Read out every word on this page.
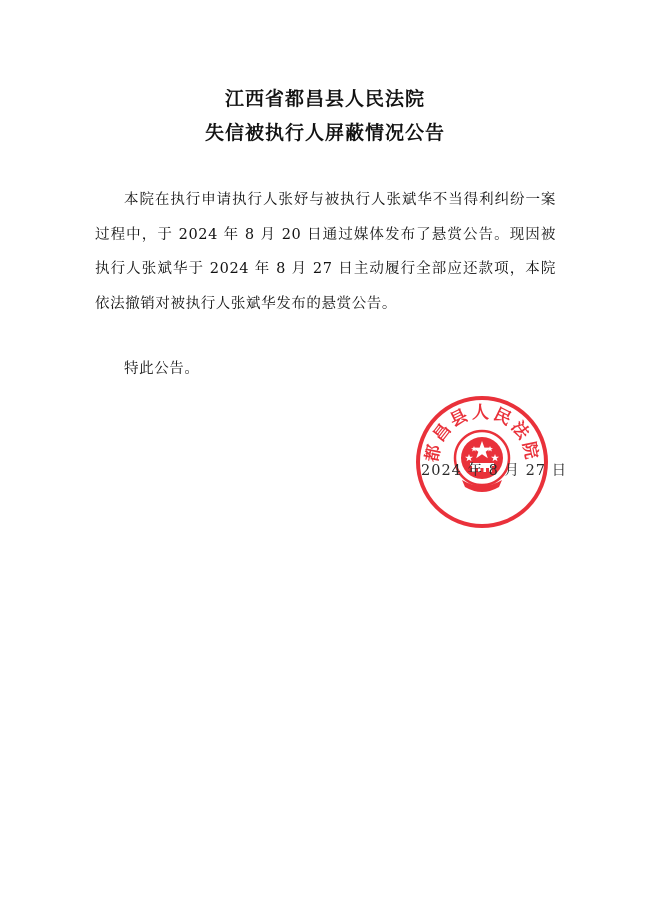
江西省都昌县人民法院
失信被执行人屏蔽情况公告

本院在执行申请执行人张妤与被执行人张斌华不当得利纠纷一案过程中，于 2024 年 8 月 20 日通过媒体发布了悬赏公告。现因被执行人张斌华于 2024 年 8 月 27 日主动履行全部应还款项，本院依法撤销对被执行人张斌华发布的悬赏公告。

特此公告。

都昌县人民法院

2024 年 8 月 27 日
